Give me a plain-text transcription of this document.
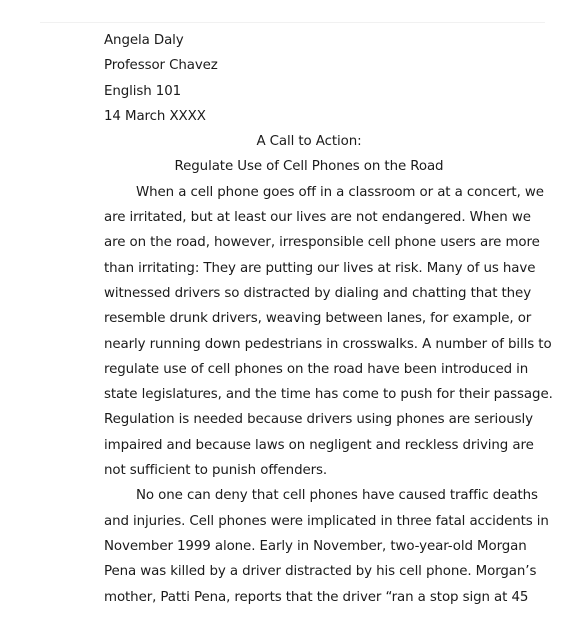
Angela Daly
Professor Chavez
English 101
14 March XXXX
A Call to Action:
Regulate Use of Cell Phones on the Road
When a cell phone goes off in a classroom or at a concert, we
are irritated, but at least our lives are not endangered. When we
are on the road, however, irresponsible cell phone users are more
than irritating: They are putting our lives at risk. Many of us have
witnessed drivers so distracted by dialing and chatting that they
resemble drunk drivers, weaving between lanes, for example, or
nearly running down pedestrians in crosswalks. A number of bills to
regulate use of cell phones on the road have been introduced in
state legislatures, and the time has come to push for their passage.
Regulation is needed because drivers using phones are seriously
impaired and because laws on negligent and reckless driving are
not sufficient to punish offenders.
No one can deny that cell phones have caused traffic deaths
and injuries. Cell phones were implicated in three fatal accidents in
November 1999 alone. Early in November, two-year-old Morgan
Pena was killed by a driver distracted by his cell phone. Morgan’s
mother, Patti Pena, reports that the driver “ran a stop sign at 45
